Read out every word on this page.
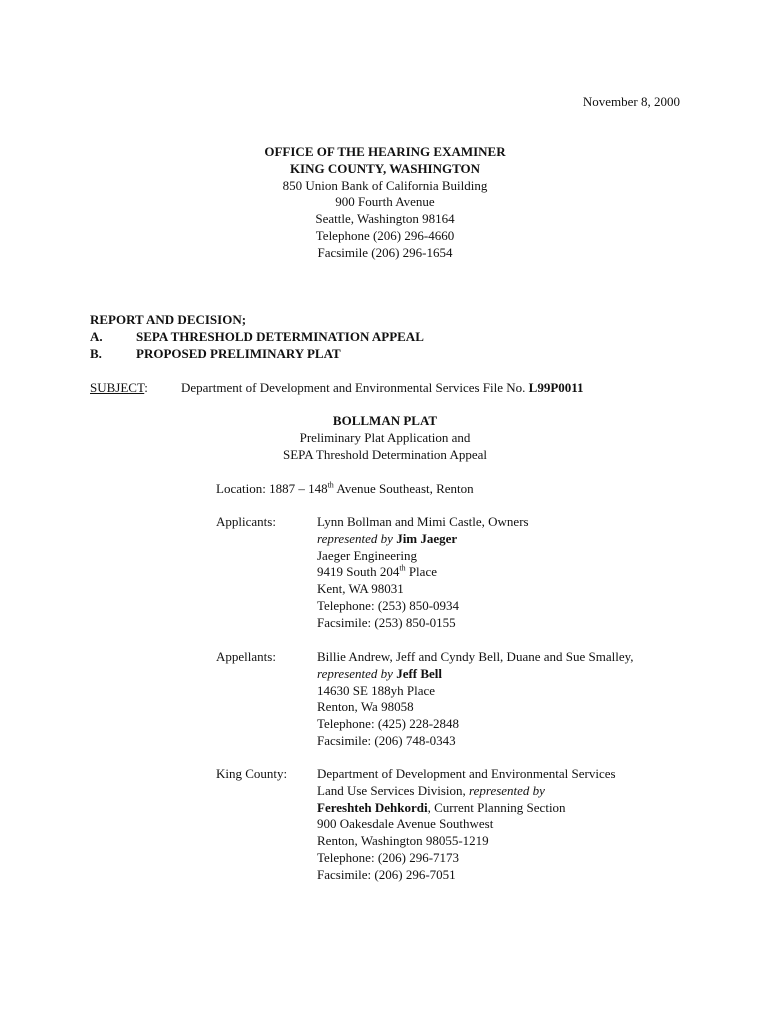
November 8, 2000
OFFICE OF THE HEARING EXAMINER
KING COUNTY, WASHINGTON
850 Union Bank of California Building
900 Fourth Avenue
Seattle, Washington 98164
Telephone (206) 296-4660
Facsimile (206) 296-1654
REPORT AND DECISION;
A.	SEPA THRESHOLD DETERMINATION APPEAL
B.	PROPOSED PRELIMINARY PLAT
SUBJECT:	Department of Development and Environmental Services File No. L99P0011
BOLLMAN PLAT
Preliminary Plat Application and
SEPA Threshold Determination Appeal
Location: 1887 – 148th Avenue Southeast, Renton
Applicants:	Lynn Bollman and Mimi Castle, Owners
represented by Jim Jaeger
Jaeger Engineering
9419 South 204th Place
Kent, WA 98031
Telephone: (253) 850-0934
Facsimile: (253) 850-0155
Appellants:	Billie Andrew, Jeff and Cyndy Bell, Duane and Sue Smalley,
represented by Jeff Bell
14630 SE 188yh Place
Renton, Wa 98058
Telephone: (425) 228-2848
Facsimile: (206) 748-0343
King County: Department of Development and Environmental Services
Land Use Services Division, represented by
Fereshteh Dehkordi, Current Planning Section
900 Oakesdale Avenue Southwest
Renton, Washington 98055-1219
Telephone: (206) 296-7173
Facsimile: (206) 296-7051
